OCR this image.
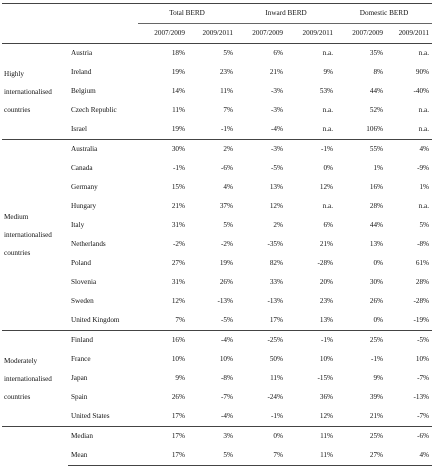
		Total BERD		Inward BERD		Domestic BERD	
		2007/2009	2009/2011	2007/2009	2009/2011	2007/2009	2009/2011

Highly
internationalised
countries	Austria	18%	5%	6%	n.a.	35%	n.a.
	Ireland	19%	23%	21%	9%	8%	90%
	Belgium	14%	11%	-3%	53%	44%	-40%
	Czech Republic	11%	7%	-3%	n.a.	52%	n.a.
	Israel	19%	-1%	-4%	n.a.	106%	n.a.

Medium
internationalised
countries	Australia	30%	2%	-3%	-1%	55%	4%
	Canada	-1%	-6%	-5%	0%	1%	-9%
	Germany	15%	4%	13%	12%	16%	1%
	Hungary	21%	37%	12%	n.a.	28%	n.a.
	Italy	31%	5%	2%	6%	44%	5%
	Netherlands	-2%	-2%	-35%	21%	13%	-8%
	Poland	27%	19%	82%	-28%	0%	61%
	Slovenia	31%	26%	33%	20%	30%	28%
	Sweden	12%	-13%	-13%	23%	26%	-28%
	United Kingdom	7%	-5%	17%	13%	0%	-19%

Moderately
internationalised
countries	Finland	16%	-4%	-25%	-1%	25%	-5%
	France	10%	10%	50%	10%	-1%	10%
	Japan	9%	-8%	11%	-15%	9%	-7%
	Spain	26%	-7%	-24%	36%	39%	-13%
	United States	17%	-4%	-1%	12%	21%	-7%
	Median	17%	3%	0%	11%	25%	-6%
	Mean	17%	5%	7%	11%	27%	4%
